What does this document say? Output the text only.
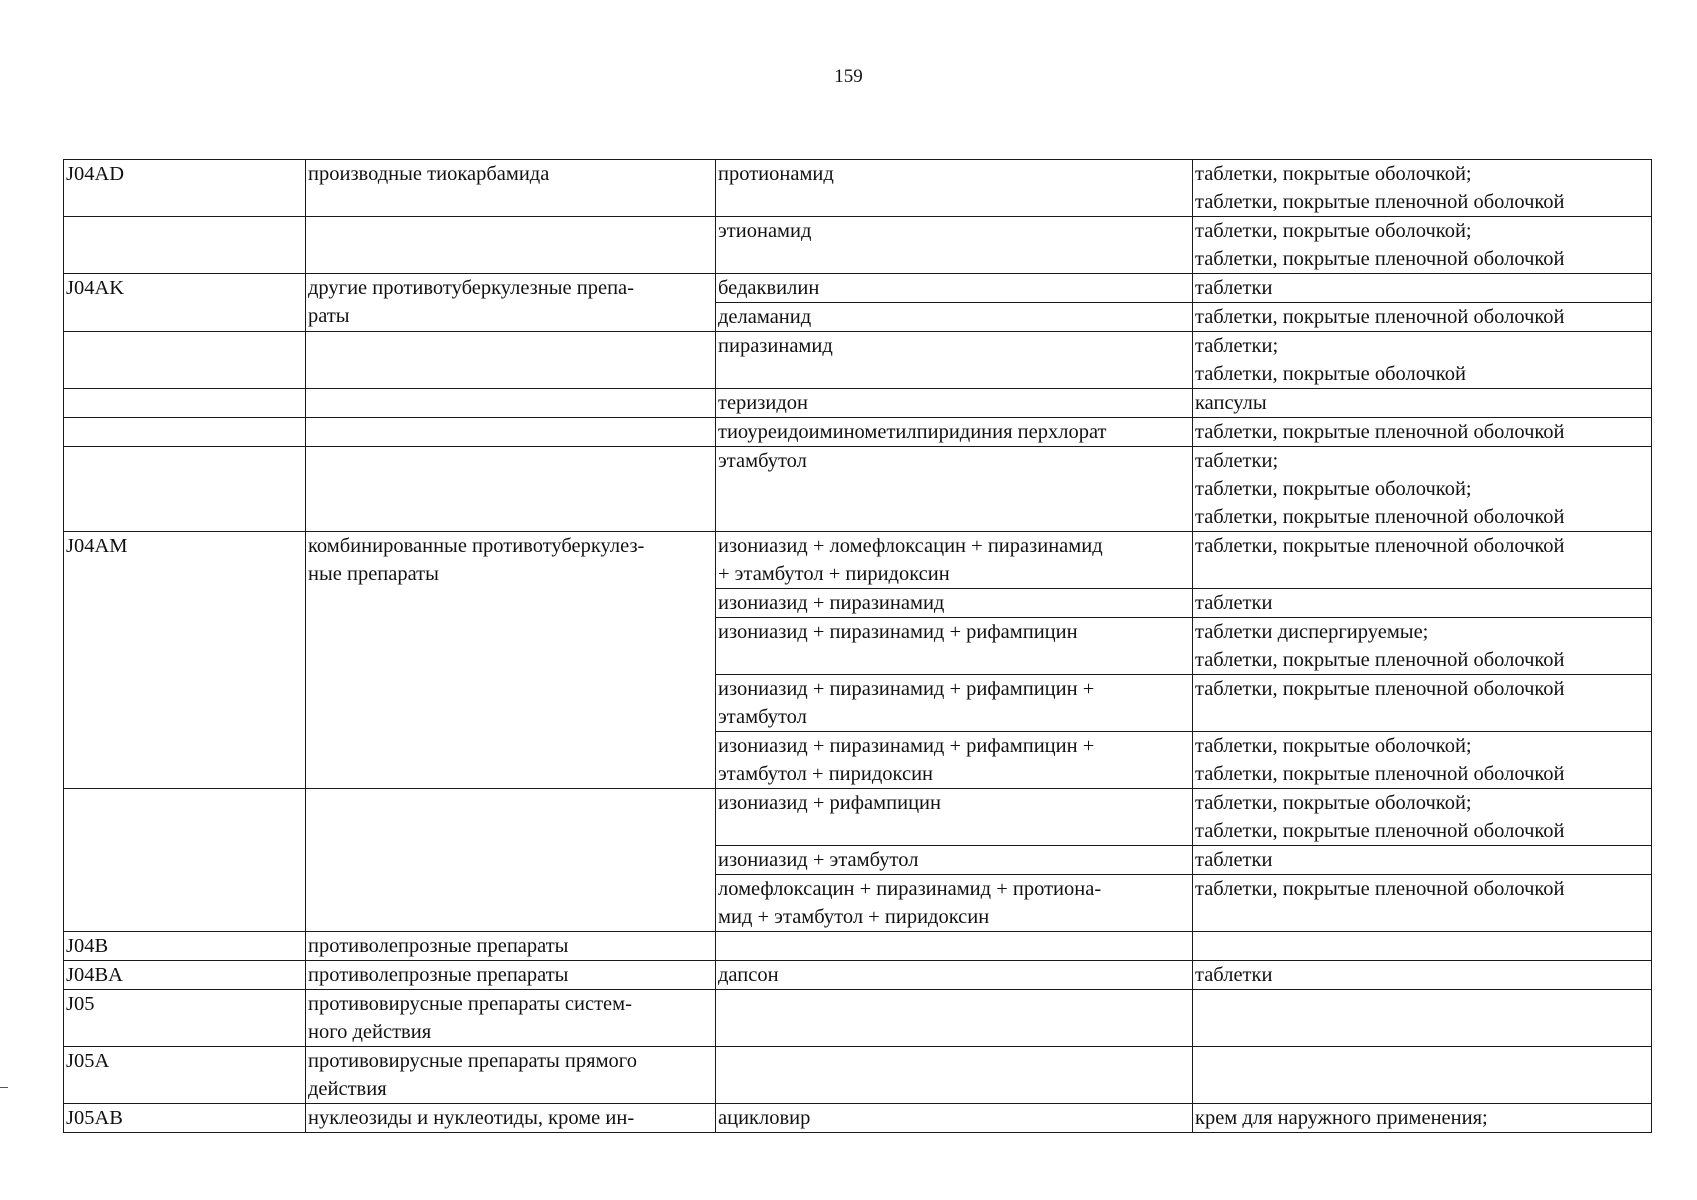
159
J04AD	производные тиокарбамида	протионамид	таблетки, покрытые оболочкой;
таблетки, покрытые пленочной оболочкой

		этионамид	таблетки, покрытые оболочкой;
таблетки, покрытые пленочной оболочкой

J04AK	другие противотуберкулезные препа-
раты	бедаквилин	таблетки

		деламанид	таблетки, покрытые пленочной оболочкой

		пиразинамид	таблетки;
таблетки, покрытые оболочкой

		теризидон	капсулы

		тиоуреидоиминометилпиридиния перхлорат	таблетки, покрытые пленочной оболочкой

		этамбутол	таблетки;
таблетки, покрытые оболочкой;
таблетки, покрытые пленочной оболочкой

J04AM	комбинированные противотуберкулез-
ные препараты	изониазид + ломефлоксацин + пиразинамид
+ этамбутол + пиридоксин	таблетки, покрытые пленочной оболочкой

		изониазид + пиразинамид	таблетки

		изониазид + пиразинамид + рифампицин	таблетки диспергируемые;
таблетки, покрытые пленочной оболочкой

		изониазид + пиразинамид + рифампицин +
этамбутол	таблетки, покрытые пленочной оболочкой

		изониазид + пиразинамид + рифампицин +
этамбутол + пиридоксин	таблетки, покрытые оболочкой;
таблетки, покрытые пленочной оболочкой

		изониазид + рифампицин	таблетки, покрытые оболочкой;
таблетки, покрытые пленочной оболочкой

		изониазид + этамбутол	таблетки

		ломефлоксацин + пиразинамид + протиона-
мид + этамбутол + пиридоксин	таблетки, покрытые пленочной оболочкой

J04B	противолепрозные препараты		
J04BA	противолепрозные препараты	дапсон	таблетки

J05	противовирусные препараты систем-
ного действия		

J05A	противовирусные препараты прямого
действия		

J05AB	нуклеозиды и нуклеотиды, кроме ин-	ацикловир	крем для наружного применения;
